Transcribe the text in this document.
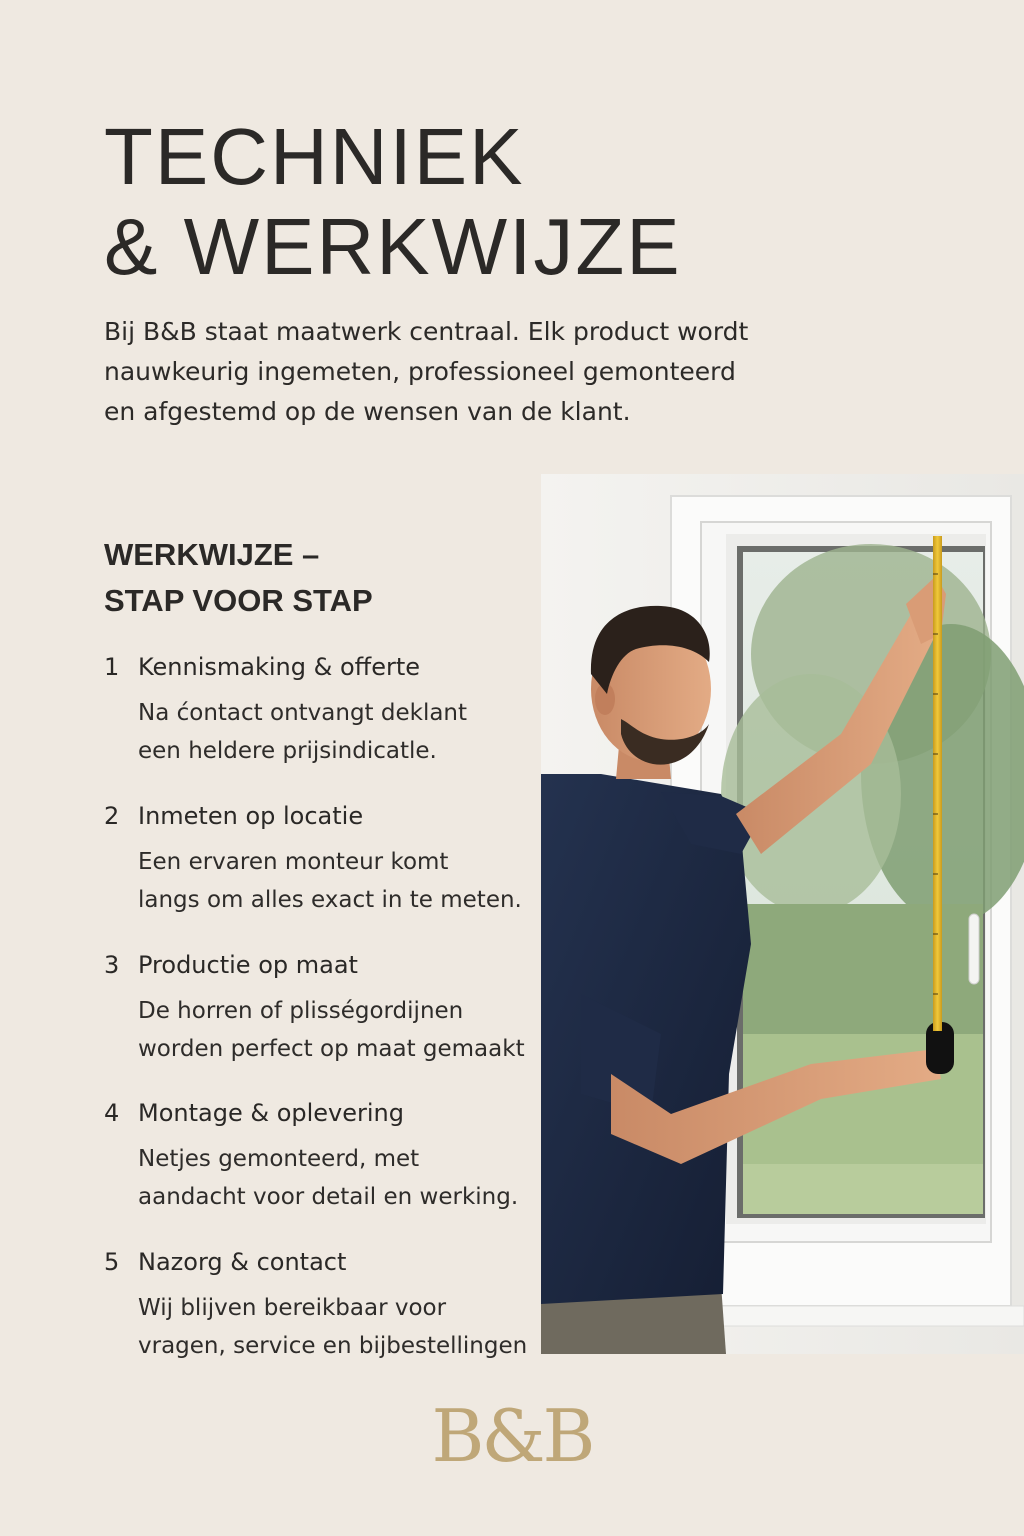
TECHNIEK
& WERKWIJZE

Bij B&B staat maatwerk centraal. Elk product wordt
nauwkeurig ingemeten, professioneel gemonteerd
en afgestemd op de wensen van de klant.

WERKWIJZE –
STAP VOOR STAP
1 Kennismaking & offerte
Na ćontact ontvangt deklant
een heldere prijsindicatle.
2 Inmeten op locatie
Een ervaren monteur komt
langs om alles exact in te meten.
3 Productie op maat
De horren of plisségordijnen
worden perfect op maat gemaakt
4 Montage & oplevering
Netjes gemonteerd, met
aandacht voor detail en werking.
5 Nazorg & contact
Wij blijven bereikbaar voor
vragen, service en bijbestellingen
B&B
